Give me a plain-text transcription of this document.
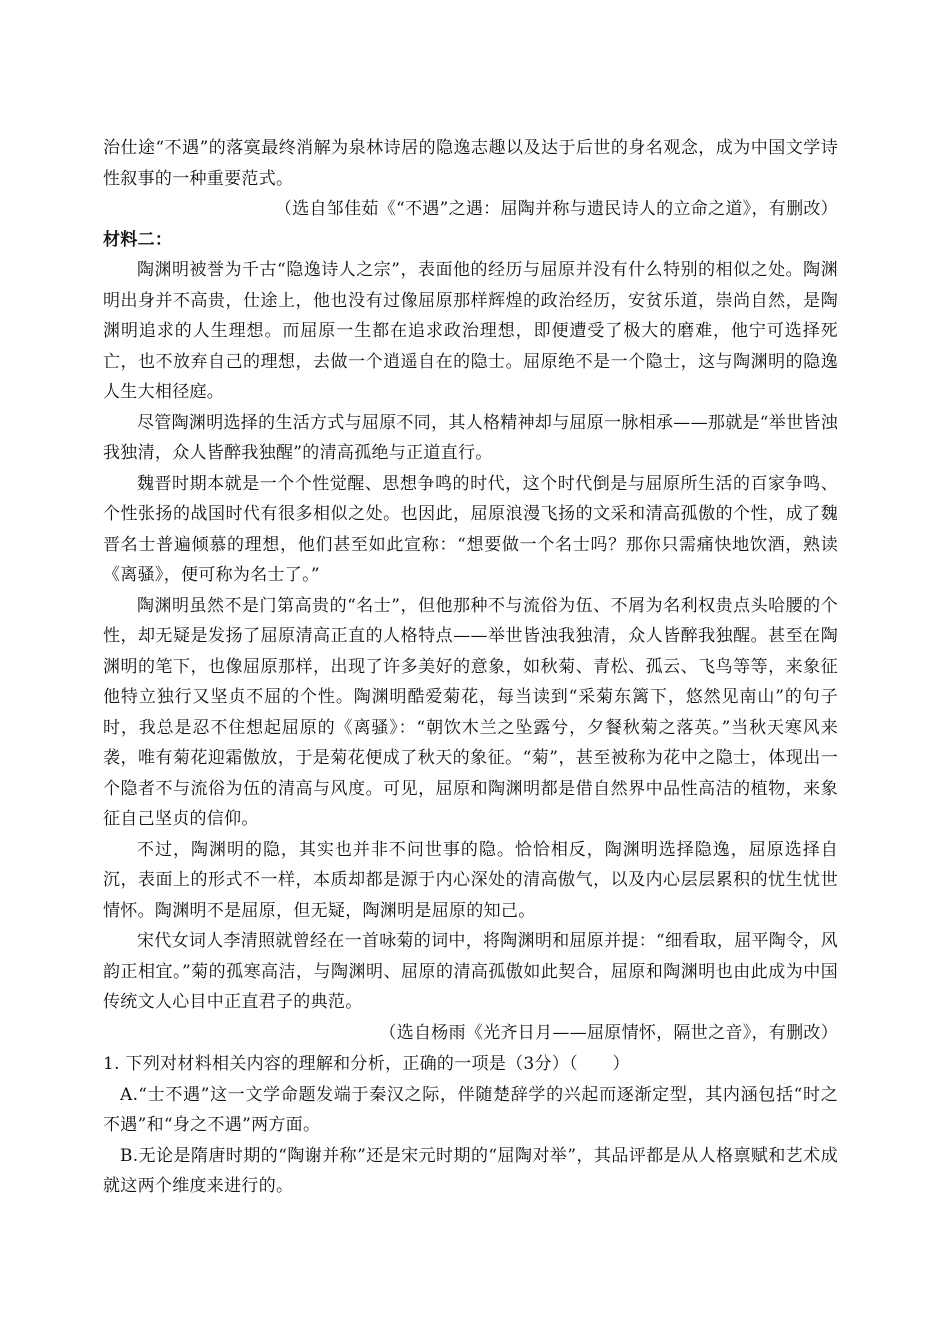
治仕途“不遇”的落寞最终消解为泉林诗居的隐逸志趣以及达于后世的身名观念，成为中国文学诗性叙事的一种重要范式。

（选自邹佳茹《“不遇”之遇：屈陶并称与遗民诗人的立命之道》，有删改）

材料二：

陶渊明被誉为千古“隐逸诗人之宗”，表面他的经历与屈原并没有什么特别的相似之处。陶渊明出身并不高贵，仕途上，他也没有过像屈原那样辉煌的政治经历，安贫乐道，崇尚自然，是陶渊明追求的人生理想。而屈原一生都在追求政治理想，即便遭受了极大的磨难，他宁可选择死亡，也不放弃自己的理想，去做一个逍遥自在的隐士。屈原绝不是一个隐士，这与陶渊明的隐逸人生大相径庭。

尽管陶渊明选择的生活方式与屈原不同，其人格精神却与屈原一脉相承——那就是“举世皆浊我独清，众人皆醉我独醒”的清高孤绝与正道直行。

魏晋时期本就是一个个性觉醒、思想争鸣的时代，这个时代倒是与屈原所生活的百家争鸣、个性张扬的战国时代有很多相似之处。也因此，屈原浪漫飞扬的文采和清高孤傲的个性，成了魏晋名士普遍倾慕的理想，他们甚至如此宣称：“想要做一个名士吗？那你只需痛快地饮酒，熟读《离骚》，便可称为名士了。”

陶渊明虽然不是门第高贵的“名士”，但他那种不与流俗为伍、不屑为名利权贵点头哈腰的个性，却无疑是发扬了屈原清高正直的人格特点——举世皆浊我独清，众人皆醉我独醒。甚至在陶渊明的笔下，也像屈原那样，出现了许多美好的意象，如秋菊、青松、孤云、飞鸟等等，来象征他特立独行又坚贞不屈的个性。陶渊明酷爱菊花，每当读到“采菊东篱下，悠然见南山”的句子时，我总是忍不住想起屈原的《离骚》：“朝饮木兰之坠露兮，夕餐秋菊之落英。”当秋天寒风来袭，唯有菊花迎霜傲放，于是菊花便成了秋天的象征。“菊”，甚至被称为花中之隐士，体现出一个隐者不与流俗为伍的清高与风度。可见，屈原和陶渊明都是借自然界中品性高洁的植物，来象征自己坚贞的信仰。

不过，陶渊明的隐，其实也并非不问世事的隐。恰恰相反，陶渊明选择隐逸，屈原选择自沉，表面上的形式不一样，本质却都是源于内心深处的清高傲气，以及内心层层累积的忧生忧世情怀。陶渊明不是屈原，但无疑，陶渊明是屈原的知己。

宋代女词人李清照就曾经在一首咏菊的词中，将陶渊明和屈原并提：“细看取，屈平陶令，风韵正相宜。”菊的孤寒高洁，与陶渊明、屈原的清高孤傲如此契合，屈原和陶渊明也由此成为中国传统文人心目中正直君子的典范。

（选自杨雨《光齐日月——屈原情怀，隔世之音》，有删改）

1. 下列对材料相关内容的理解和分析，正确的一项是（3分）（　　）

A.“士不遇”这一文学命题发端于秦汉之际，伴随楚辞学的兴起而逐渐定型，其内涵包括“时之不遇”和“身之不遇”两方面。

B.无论是隋唐时期的“陶谢并称”还是宋元时期的“屈陶对举”，其品评都是从人格禀赋和艺术成就这两个维度来进行的。
